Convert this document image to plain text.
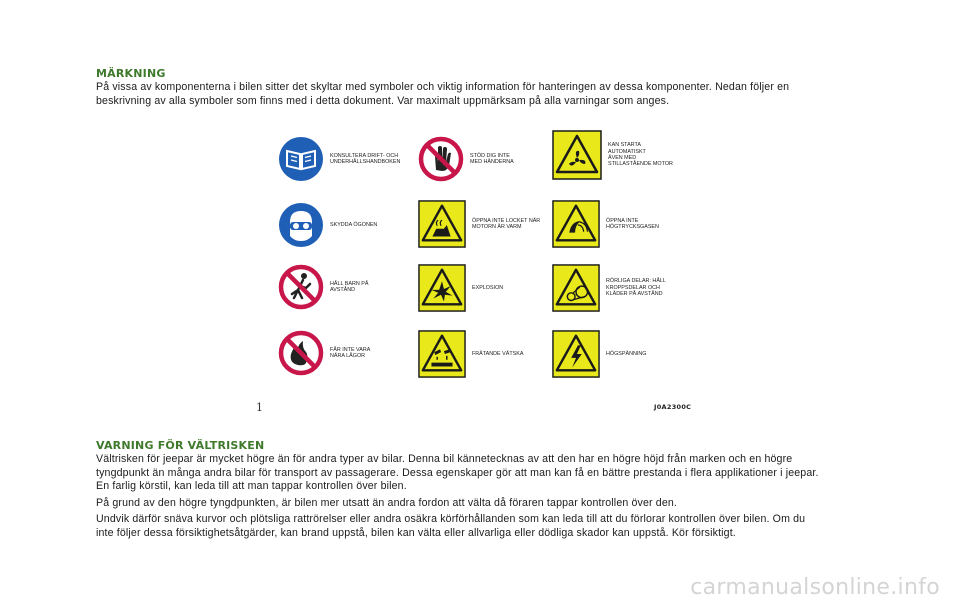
MÄRKNING
På vissa av komponenterna i bilen sitter det skyltar med symboler och viktig information för hanteringen av dessa komponenter. Nedan följer en
beskrivning av alla symboler som finns med i detta dokument. Var maximalt uppmärksam på alla varningar som anges.
KONSULTERA DRIFT- OCH
UNDERHÅLLSHANDBOKEN
STÖD DIG INTE
MED HÄNDERNA
KAN STARTA
AUTOMATISKT
ÄVEN MED
STILLASTÅENDE MOTOR
SKYDDA ÖGONEN
ÖPPNA INTE LOCKET NÄR
MOTORN ÄR VARM
ÖPPNA INTE
HÖGTRYCKSGASEN
HÅLL BARN PÅ
AVSTÅND	EXPLOSION
RÖRLIGA DELAR: HÅLL
KROPPSDELAR OCH
KLÄDER PÅ AVSTÅND
FÅR INTE VARA
NÄRA LÅGOR	FRÄTANDE VÄTSKA	HÖGSPÄNNING
1	J0A2300C
VARNING FÖR VÄLTRISKEN
Vältrisken för jeepar är mycket högre än för andra typer av bilar. Denna bil kännetecknas av att den har en högre höjd från marken och en högre
tyngdpunkt än många andra bilar för transport av passagerare. Dessa egenskaper gör att man kan få en bättre prestanda i flera applikationer i jeepar.
En farlig körstil, kan leda till att man tappar kontrollen över bilen.
På grund av den högre tyngdpunkten, är bilen mer utsatt än andra fordon att välta då föraren tappar kontrollen över den.
Undvik därför snäva kurvor och plötsliga rattrörelser eller andra osäkra körförhållanden som kan leda till att du förlorar kontrollen över bilen. Om du
inte följer dessa försiktighetsåtgärder, kan brand uppstå, bilen kan välta eller allvarliga eller dödliga skador kan uppstå. Kör försiktigt.
carmanualsonline.info
